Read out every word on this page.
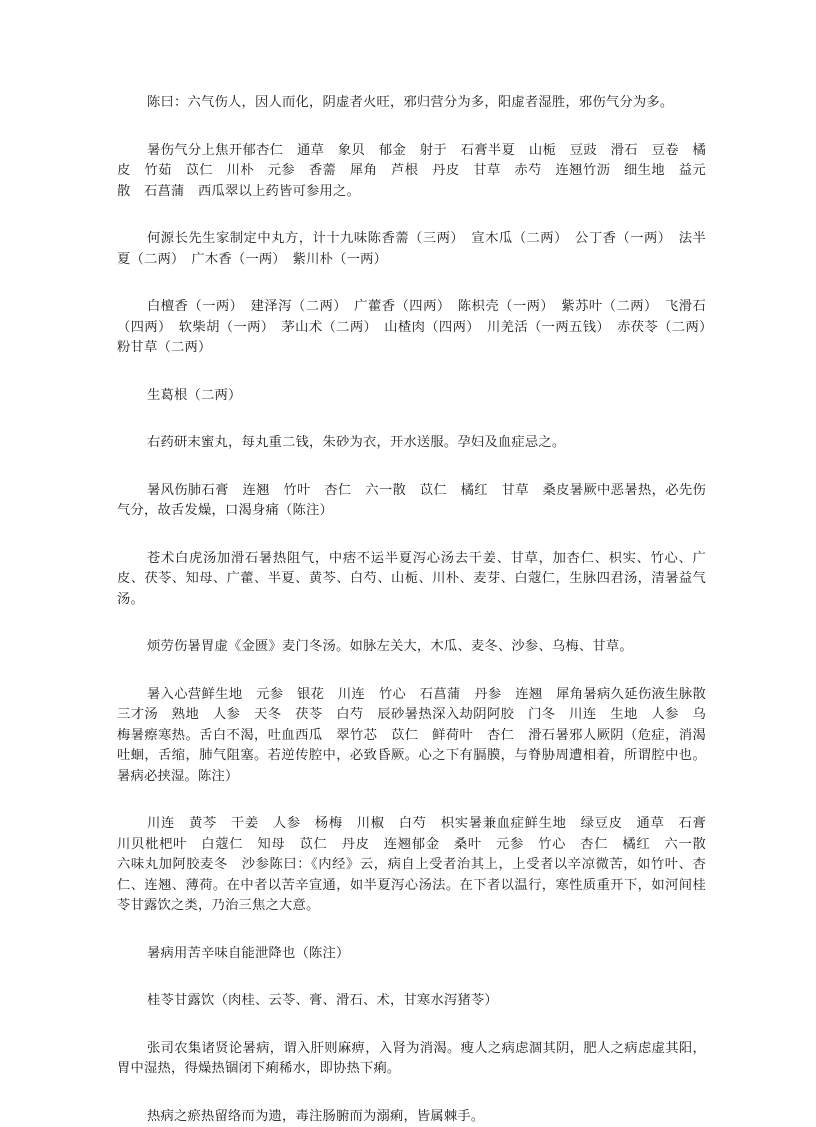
陈曰：六气伤人，因人而化，阴虚者火旺，邪归营分为多，阳虚者湿胜，邪伤气分为多。

暑伤气分上焦开郁杏仁　通草　象贝　郁金　射于　石膏半夏　山栀　豆豉　滑石　豆卷　橘皮　竹茹　苡仁　川朴　元参　香薷　犀角　芦根　丹皮　甘草　赤芍　连翘竹沥　细生地　益元散　石菖蒲　西瓜翠以上药皆可参用之。

何源长先生家制定中丸方，计十九味陈香薷（三两）　宣木瓜（二两）　公丁香（一两）　法半夏（二两）　广木香（一两）　紫川朴（一两）

白檀香（一两）　建泽泻（二两）　广藿香（四两）　陈枳壳（一两）　紫苏叶（二两）　飞滑石（四两）　软柴胡（一两）　茅山术（二两）　山楂肉（四两）　川羌活（一两五钱）　赤茯苓（二两）　粉甘草（二两）

生葛根（二两）

右药研末蜜丸，每丸重二钱，朱砂为衣，开水送服。孕妇及血症忌之。

暑风伤肺石膏　连翘　竹叶　杏仁　六一散　苡仁　橘红　甘草　桑皮暑厥中恶暑热，必先伤气分，故舌发燥，口渴身痛（陈注）

苍术白虎汤加滑石暑热阻气，中痞不运半夏泻心汤去干姜、甘草，加杏仁、枳实、竹心、广皮、茯苓、知母、广藿、半夏、黄芩、白芍、山栀、川朴、麦芽、白蔻仁，生脉四君汤，清暑益气汤。

烦劳伤暑胃虚《金匮》麦门冬汤。如脉左关大，木瓜、麦冬、沙参、乌梅、甘草。

暑入心营鲜生地　元参　银花　川连　竹心　石菖蒲　丹参　连翘　犀角暑病久延伤液生脉散　三才汤　熟地　人参　天冬　茯苓　白芍　辰砂暑热深入劫阴阿胶　门冬　川连　生地　人参　乌梅暑瘵寒热。舌白不渴，吐血西瓜　翠竹芯　苡仁　鲜荷叶　杏仁　滑石暑邪人厥阴（危症，消渴吐蛔，舌缩，肺气阻塞。若逆传腔中，必致昏厥。心之下有膈膜，与脊胁周遭相着，所谓腔中也。暑病必挟湿。陈注）

川连　黄芩　干姜　人参　杨梅　川椒　白芍　枳实暑兼血症鲜生地　绿豆皮　通草　石膏　川贝枇杷叶　白蔻仁　知母　苡仁　丹皮　连翘郁金　桑叶　元参　竹心　杏仁　橘红　六一散　六味丸加阿胶麦冬　沙参陈曰：《内经》云，病自上受者治其上，上受者以辛凉微苦，如竹叶、杏仁、连翘、薄荷。在中者以苦辛宣通，如半夏泻心汤法。在下者以温行，寒性质重开下，如河间桂苓甘露饮之类，乃治三焦之大意。

暑病用苦辛味自能泄降也（陈注）

桂苓甘露饮（肉桂、云苓、膏、滑石、术，甘寒水泻猪苓）

张司农集诸贤论暑病，谓入肝则麻痹，入肾为消渴。瘦人之病虑涸其阴，肥人之病虑虚其阳，胃中湿热，得燥热锢闭下痢稀水，即协热下痢。

热病之瘀热留络而为遗，毒注肠腑而为溺痢，皆属棘手。
